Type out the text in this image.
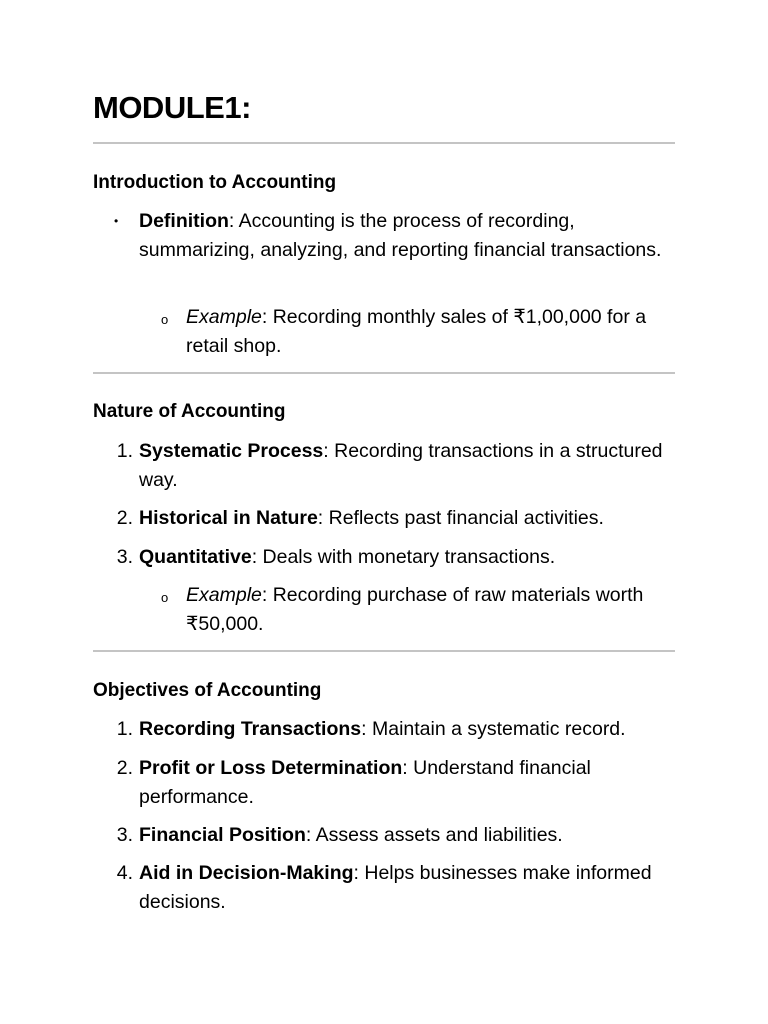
MODULE1:
Introduction to Accounting
• Definition: Accounting is the process of recording, summarizing, analyzing, and reporting financial transactions.
o Example: Recording monthly sales of ₹1,00,000 for a retail shop.
Nature of Accounting
1. Systematic Process: Recording transactions in a structured way.
2. Historical in Nature: Reflects past financial activities.
3. Quantitative: Deals with monetary transactions.
o Example: Recording purchase of raw materials worth ₹50,000.
Objectives of Accounting
1. Recording Transactions: Maintain a systematic record.
2. Profit or Loss Determination: Understand financial performance.
3. Financial Position: Assess assets and liabilities.
4. Aid in Decision-Making: Helps businesses make informed decisions.
